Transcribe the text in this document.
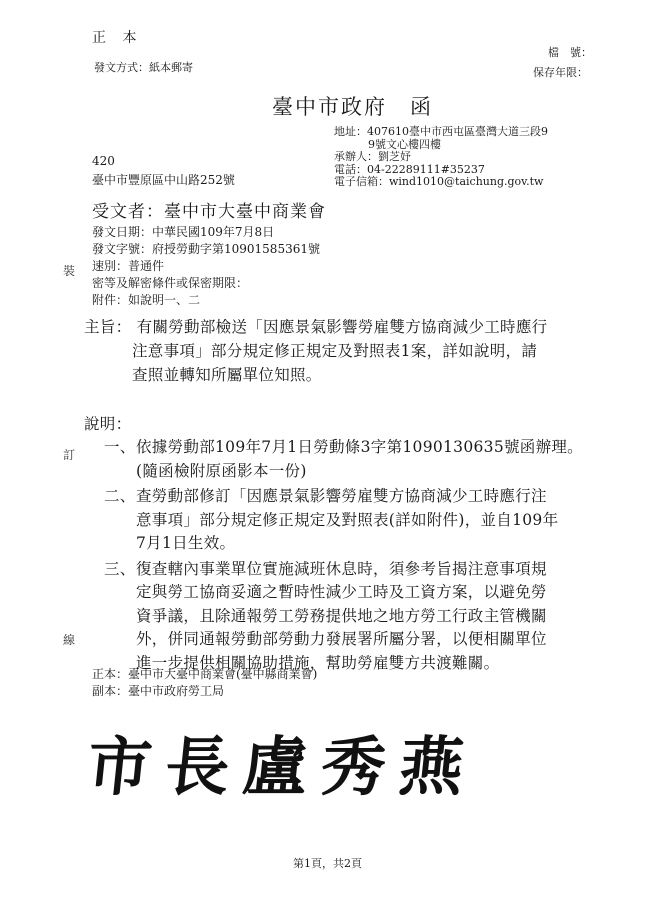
正 本
發文方式：紙本郵寄
檔　號：
保存年限：
臺中市政府　函
地址：407610臺中市西屯區臺灣大道三段9
9號文心樓四樓
承辦人：劉芝妤
電話：04-22289111#35237
電子信箱：wind1010@taichung.gov.tw
420
臺中市豐原區中山路252號
受文者：臺中市大臺中商業會
發文日期：中華民國109年7月8日
發文字號：府授勞動字第10901585361號
速別：普通件
密等及解密條件或保密期限：
附件：如說明一、二
主旨： 有關勞動部檢送「因應景氣影響勞雇雙方協商減少工時應行
注意事項」部分規定修正規定及對照表1案，詳如說明，請
查照並轉知所屬單位知照。
說明：
一、 依據勞動部109年7月1日勞動條3字第1090130635號函辦理。
(隨函檢附原函影本一份)
二、 查勞動部修訂「因應景氣影響勞雇雙方協商減少工時應行注
意事項」部分規定修正規定及對照表(詳如附件)，並自109年
7月1日生效。
三、 復查轄內事業單位實施減班休息時，須參考旨揭注意事項規
定與勞工協商妥適之暫時性減少工時及工資方案，以避免勞
資爭議，且除通報勞工勞務提供地之地方勞工行政主管機關
外，併同通報勞動部勞動力發展署所屬分署，以便相關單位
進一步提供相關協助措施，幫助勞雇雙方共渡難關。
正本：臺中市大臺中商業會(臺中縣商業會)
副本：臺中市政府勞工局
市長盧秀燕
裝
訂
線
第1頁，共2頁
